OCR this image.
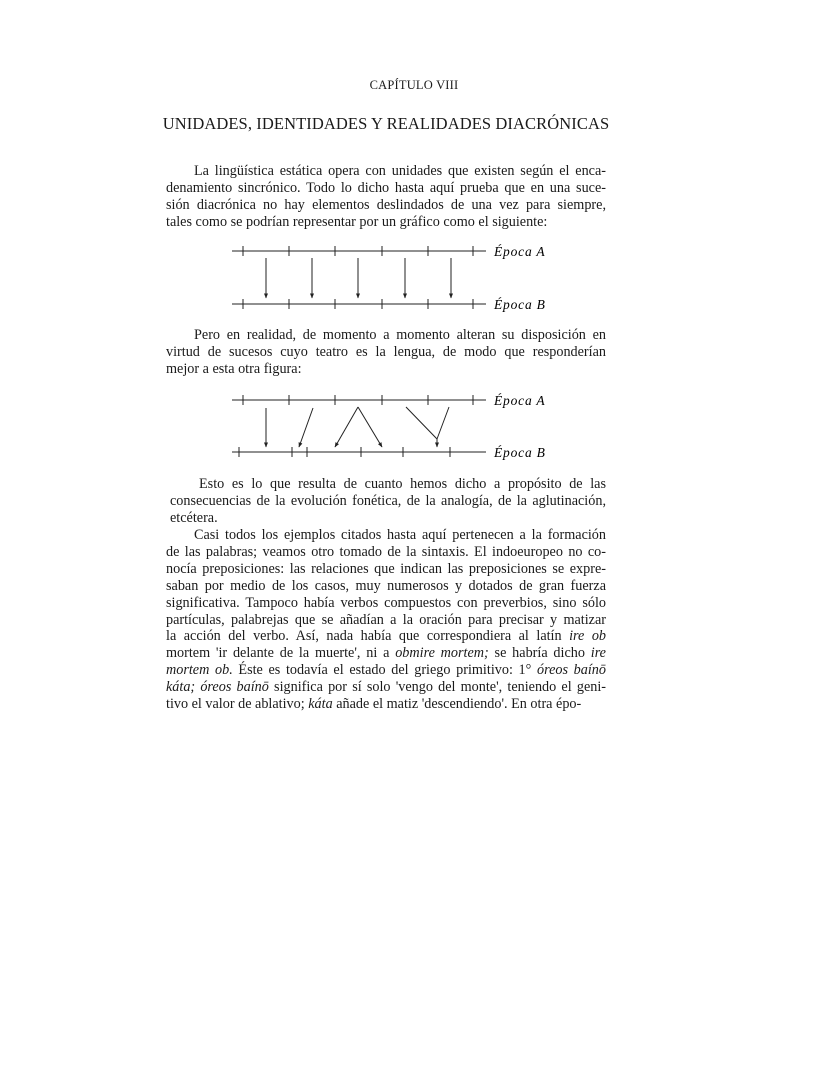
CAPÍTULO VIII
UNIDADES, IDENTIDADES Y REALIDADES DIACRÓNICAS
La lingüística estática opera con unidades que existen según el enca-
denamiento sincrónico. Todo lo dicho hasta aquí prueba que en una suce-
sión diacrónica no hay elementos deslindados de una vez para siempre,
tales como se podrían representar por un gráfico como el siguiente:
Pero en realidad, de momento a momento alteran su disposición en
virtud de sucesos cuyo teatro es la lengua, de modo que responderían
mejor a esta otra figura:
Esto es lo que resulta de cuanto hemos dicho a propósito de las
consecuencias de la evolución fonética, de la analogía, de la aglutinación,
etcétera.
Casi todos los ejemplos citados hasta aquí pertenecen a la formación
de las palabras; veamos otro tomado de la sintaxis. El indoeuropeo no co-
nocía preposiciones: las relaciones que indican las preposiciones se expre-
saban por medio de los casos, muy numerosos y dotados de gran fuerza
significativa. Tampoco había verbos compuestos con preverbios, sino sólo
partículas, palabrejas que se añadían a la oración para precisar y matizar
la acción del verbo. Así, nada había que correspondiera al latín ire ob
mortem 'ir delante de la muerte', ni a obmire mortem; se habría dicho ire
mortem ob. Éste es todavía el estado del griego primitivo: 1° óreos baínō
káta; óreos baínō significa por sí solo 'vengo del monte', teniendo el geni-
tivo el valor de ablativo; káta añade el matiz 'descendiendo'. En otra épo-
Época A
Época B
Época A
Época B
